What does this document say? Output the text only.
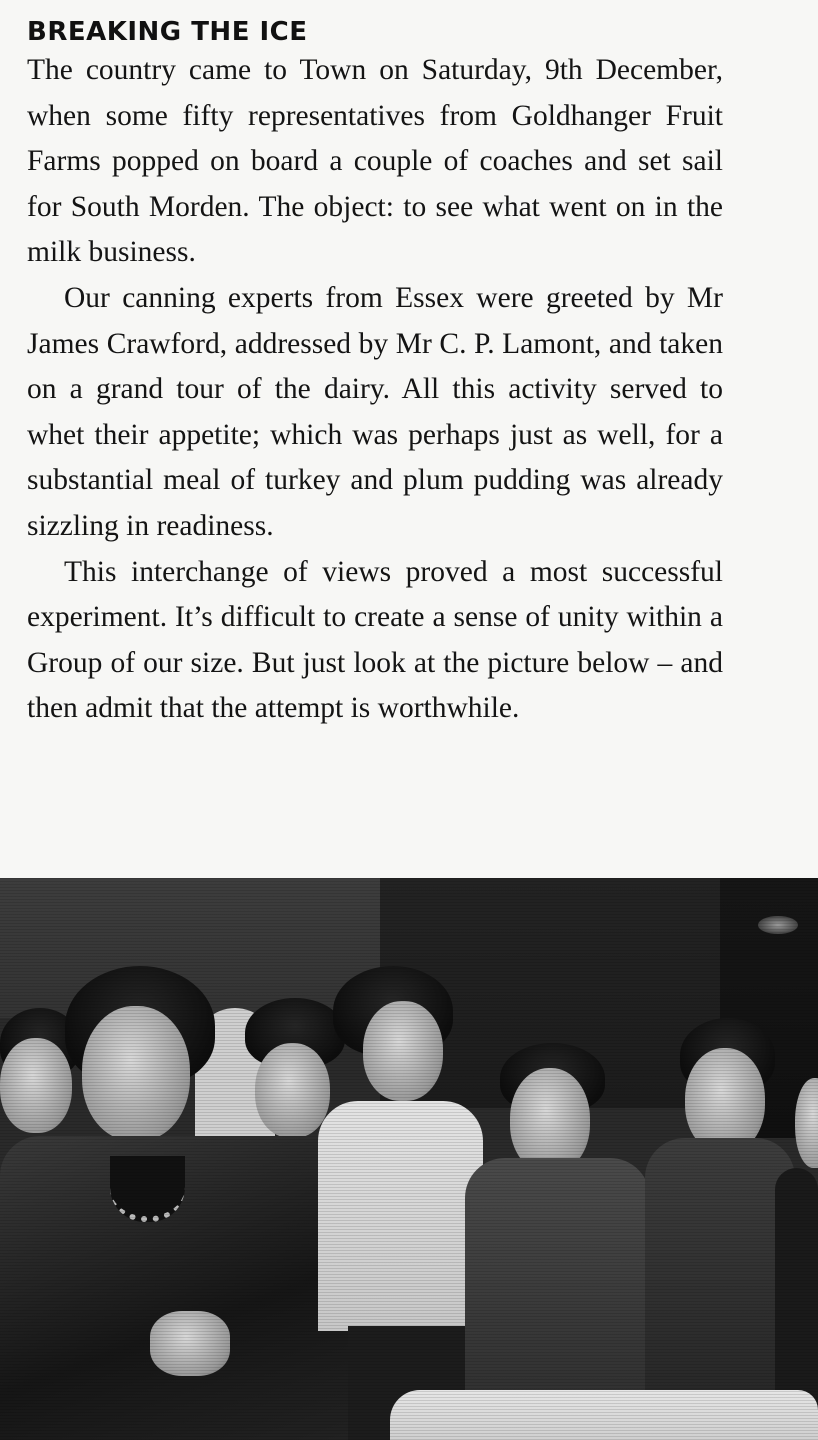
BREAKING THE ICE

The country came to Town on Saturday, 9th December, when some fifty representatives from Goldhanger Fruit Farms popped on board a couple of coaches and set sail for South Morden. The object: to see what went on in the milk business.

Our canning experts from Essex were greeted by Mr James Crawford, addressed by Mr C. P. Lamont, and taken on a grand tour of the dairy. All this activity served to whet their appetite; which was perhaps just as well, for a substantial meal of turkey and plum pudding was already sizzling in readiness.

This interchange of views proved a most successful experiment. It’s difficult to create a sense of unity within a Group of our size. But just look at the picture below – and then admit that the attempt is worthwhile.
